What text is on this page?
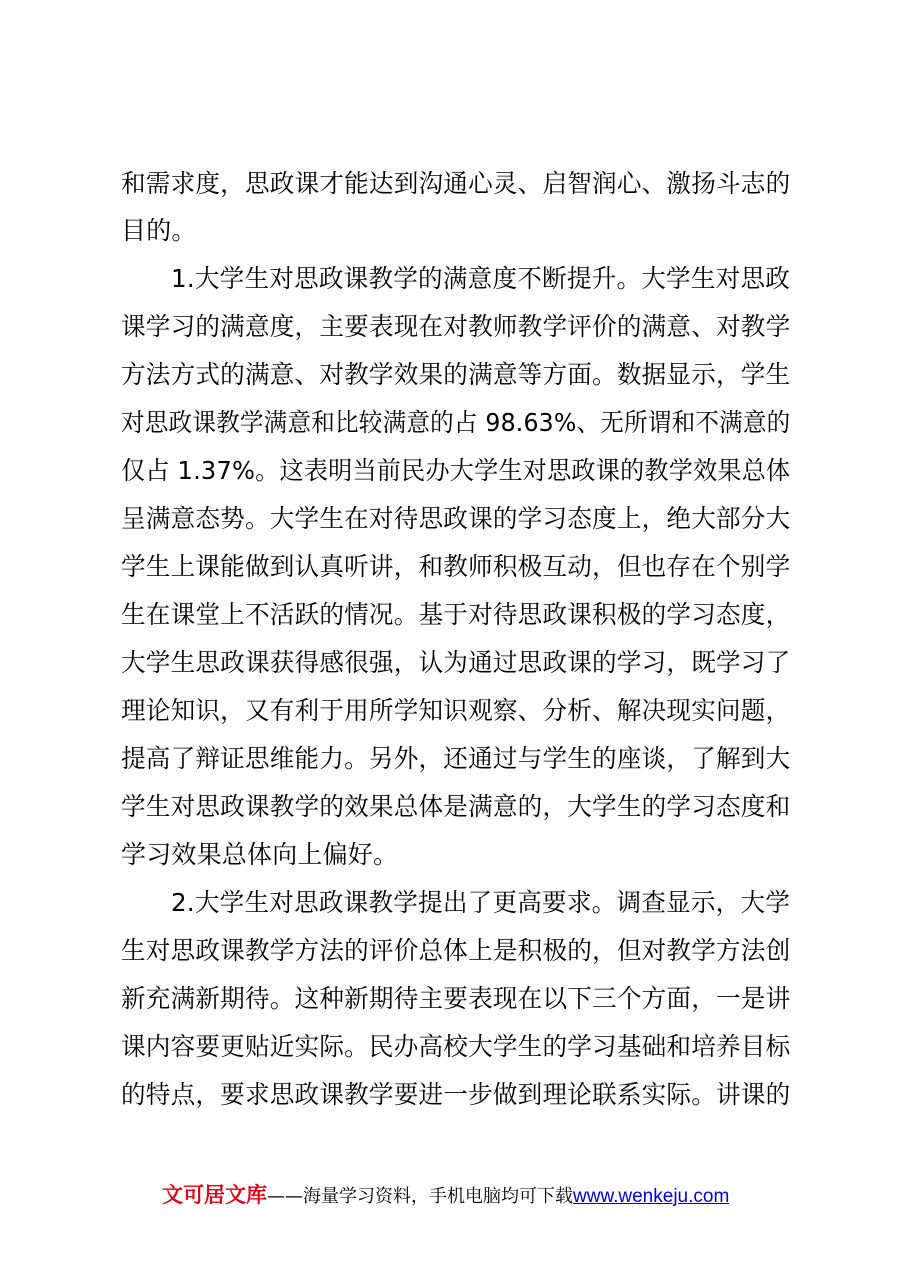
和需求度，思政课才能达到沟通心灵、启智润心、激扬斗志的
目的。
1.大学生对思政课教学的满意度不断提升。大学生对思政
课学习的满意度，主要表现在对教师教学评价的满意、对教学
方法方式的满意、对教学效果的满意等方面。数据显示，学生
对思政课教学满意和比较满意的占 98.63%、无所谓和不满意的
仅占 1.37%。这表明当前民办大学生对思政课的教学效果总体
呈满意态势。大学生在对待思政课的学习态度上，绝大部分大
学生上课能做到认真听讲，和教师积极互动，但也存在个别学
生在课堂上不活跃的情况。基于对待思政课积极的学习态度，
大学生思政课获得感很强，认为通过思政课的学习，既学习了
理论知识，又有利于用所学知识观察、分析、解决现实问题，
提高了辩证思维能力。另外，还通过与学生的座谈，了解到大
学生对思政课教学的效果总体是满意的，大学生的学习态度和
学习效果总体向上偏好。
2.大学生对思政课教学提出了更高要求。调查显示，大学
生对思政课教学方法的评价总体上是积极的，但对教学方法创
新充满新期待。这种新期待主要表现在以下三个方面，一是讲
课内容要更贴近实际。民办高校大学生的学习基础和培养目标
的特点，要求思政课教学要进一步做到理论联系实际。讲课的
文可居文库——海量学习资料，手机电脑均可下载www.wenkeju.com
